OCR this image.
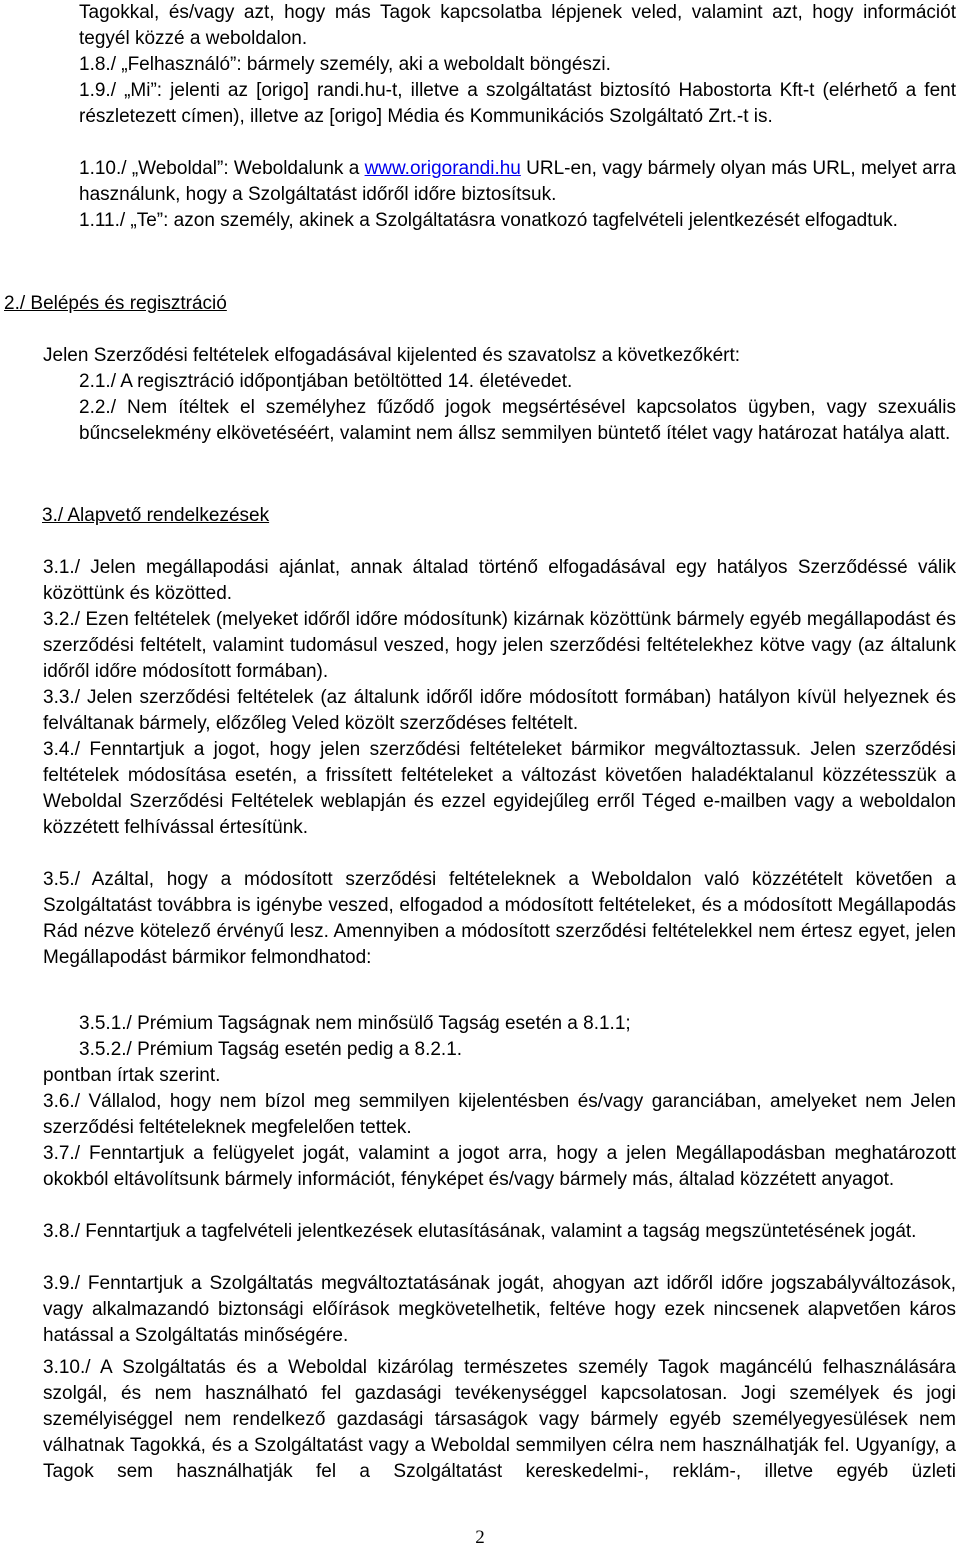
Tagokkal, és/vagy azt, hogy más Tagok kapcsolatba lépjenek veled, valamint azt, hogy információt tegyél közzé a weboldalon.
1.8./ „Felhasználó”: bármely személy, aki a weboldalt böngészi.
1.9./ „Mi”: jelenti az [origo] randi.hu-t, illetve a szolgáltatást biztosító Habostorta Kft-t (elérhető a fent részletezett címen), illetve az [origo] Média és Kommunikációs Szolgáltató Zrt.-t is.
1.10./ „Weboldal”: Weboldalunk a www.origorandi.hu URL-en, vagy bármely olyan más URL, melyet arra használunk, hogy a Szolgáltatást időről időre biztosítsuk.
1.11./ „Te”: azon személy, akinek a Szolgáltatásra vonatkozó tagfelvételi jelentkezését elfogadtuk.
2./ Belépés és regisztráció
Jelen Szerződési feltételek elfogadásával kijelented és szavatolsz a következőkért:
2.1./ A regisztráció időpontjában betöltötted 14. életévedet.
2.2./ Nem ítéltek el személyhez fűződő jogok megsértésével kapcsolatos ügyben, vagy szexuális bűncselekmény elkövetéséért, valamint nem állsz semmilyen büntető ítélet vagy határozat hatálya alatt.
3./ Alapvető rendelkezések
3.1./ Jelen megállapodási ajánlat, annak általad történő elfogadásával egy hatályos Szerződéssé válik közöttünk és közötted.
3.2./ Ezen feltételek (melyeket időről időre módosítunk) kizárnak közöttünk bármely egyéb megállapodást és szerződési feltételt, valamint tudomásul veszed, hogy jelen szerződési feltételekhez kötve vagy (az általunk időről időre módosított formában).
3.3./ Jelen szerződési feltételek (az általunk időről időre módosított formában) hatályon kívül helyeznek és felváltanak bármely, előzőleg Veled közölt szerződéses feltételt.
3.4./ Fenntartjuk a jogot, hogy jelen szerződési feltételeket bármikor megváltoztassuk. Jelen szerződési feltételek módosítása esetén, a frissített feltételeket a változást követően haladéktalanul közzétesszük a Weboldal Szerződési Feltételek weblapján és ezzel egyidejűleg erről Téged e-mailben vagy a weboldalon közzétett felhívással értesítünk.
3.5./ Azáltal, hogy a módosított szerződési feltételeknek a Weboldalon való közzétételt követően a Szolgáltatást továbbra is igénybe veszed, elfogadod a módosított feltételeket, és a módosított Megállapodás Rád nézve kötelező érvényű lesz. Amennyiben a módosított szerződési feltételekkel nem értesz egyet, jelen Megállapodást bármikor felmondhatod:
3.5.1./ Prémium Tagságnak nem minősülő Tagság esetén a 8.1.1;
3.5.2./ Prémium Tagság esetén pedig a 8.2.1.
pontban írtak szerint.
3.6./ Vállalod, hogy nem bízol meg semmilyen kijelentésben és/vagy garanciában, amelyeket nem Jelen szerződési feltételeknek megfelelően tettek.
3.7./ Fenntartjuk a felügyelet jogát, valamint a jogot arra, hogy a jelen Megállapodásban meghatározott okokból eltávolítsunk bármely információt, fényképet és/vagy bármely más, általad közzétett anyagot.
3.8./ Fenntartjuk a tagfelvételi jelentkezések elutasításának, valamint a tagság megszüntetésének jogát.
3.9./ Fenntartjuk a Szolgáltatás megváltoztatásának jogát, ahogyan azt időről időre jogszabályváltozások, vagy alkalmazandó biztonsági előírások megkövetelhetik, feltéve hogy ezek nincsenek alapvetően káros hatással a Szolgáltatás minőségére.
3.10./ A Szolgáltatás és a Weboldal kizárólag természetes személy Tagok magáncélú felhasználására szolgál, és nem használható fel gazdasági tevékenységgel kapcsolatosan. Jogi személyek és jogi személyiséggel nem rendelkező gazdasági társaságok vagy bármely egyéb személyegyesülések nem válhatnak Tagokká, és a Szolgáltatást vagy a Weboldal semmilyen célra nem használhatják fel. Ugyanígy, a Tagok sem használhatják fel a Szolgáltatást kereskedelmi-, reklám-, illetve egyéb üzleti
2
